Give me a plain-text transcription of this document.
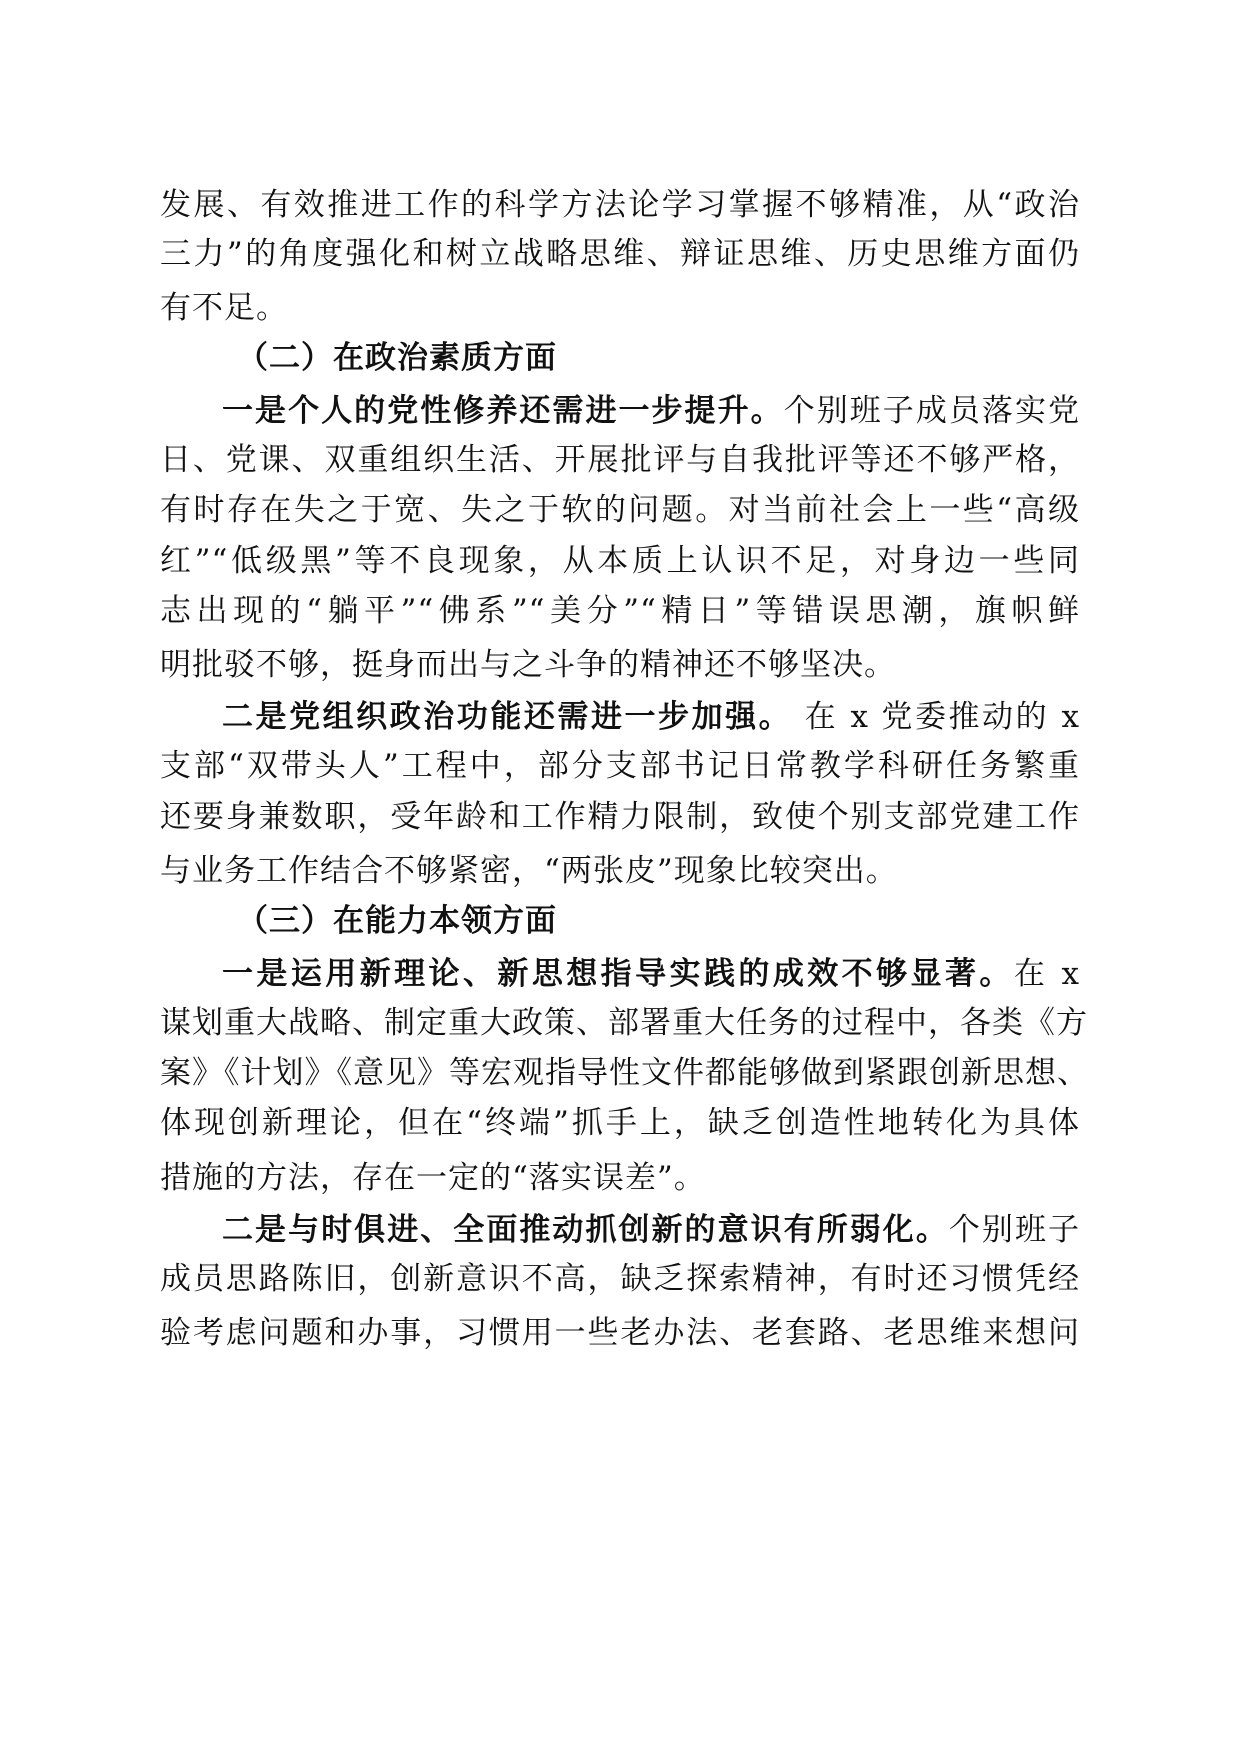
发展、有效推进工作的科学方法论学习掌握不够精准，从“政治
三力”的角度强化和树立战略思维、辩证思维、历史思维方面仍
有不足。
（二）在政治素质方面
一是个人的党性修养还需进一步提升。个别班子成员落实党
日、党课、双重组织生活、开展批评与自我批评等还不够严格，
有时存在失之于宽、失之于软的问题。对当前社会上一些“高级
红”“低级黑”等不良现象，从本质上认识不足，对身边一些同
志出现的“躺平”“佛系”“美分”“精日”等错误思潮，旗帜鲜
明批驳不够，挺身而出与之斗争的精神还不够坚决。
二是党组织政治功能还需进一步加强。 在 x 党委推动的 x
支部“双带头人”工程中，部分支部书记日常教学科研任务繁重
还要身兼数职，受年龄和工作精力限制，致使个别支部党建工作
与业务工作结合不够紧密，“两张皮”现象比较突出。
（三）在能力本领方面
一是运用新理论、新思想指导实践的成效不够显著。在 x
谋划重大战略、制定重大政策、部署重大任务的过程中，各类《方
案》《计划》《意见》等宏观指导性文件都能够做到紧跟创新思想、
体现创新理论，但在“终端”抓手上，缺乏创造性地转化为具体
措施的方法，存在一定的“落实误差”。
二是与时俱进、全面推动抓创新的意识有所弱化。个别班子
成员思路陈旧，创新意识不高，缺乏探索精神，有时还习惯凭经
验考虑问题和办事，习惯用一些老办法、老套路、老思维来想问
